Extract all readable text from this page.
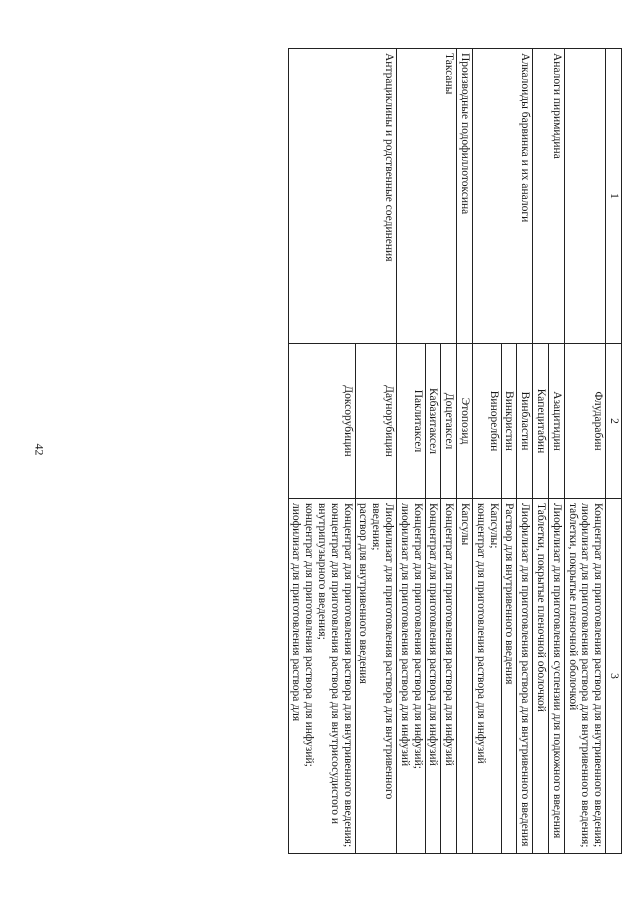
42
1	2	3
	Флударабин	Концентрат для приготовления раствора для внутривенного введения;
лиофилизат для приготовления раствора для внутривенного введения;
таблетки, покрытые пленочной оболочкой

Аналоги пиримидина	Азацитидин	Лиофилизат для приготовления суспензии для подкожного введения

	Капецитабин	Таблетки, покрытые пленочной оболочкой

Алкалоиды барвинка и их аналоги	Винбластин	Лиофилизат для приготовления раствора для внутривенного введения

	Винкристин	Раствор для внутривенного введения

	Винорелбин	Капсулы;
концентрат для приготовления раствора для инфузий

Производные подофиллотоксина	Этопозид	Капсулы

Таксаны	Доцетаксел	Концентрат для приготовления раствора для инфузий

	Кабазитаксел	Концентрат для приготовления раствора для инфузий

	Паклитаксел	Концентрат для приготовления раствора для инфузий;
лиофилизат для приготовления раствора для инфузий

Антрациклины и родственные соединения	Даунорубицин	Лиофилизат для приготовления раствора для внутривенного введения;
раствор для внутривенного введения

	Доксорубицин	Концентрат для приготовления раствора для внутривенного введения;
концентрат для приготовления раствора для внутрисосудистого и внутрипузырного введения;
концентрат для приготовления раствора для инфузий;
лиофилизат для приготовления раствора для
